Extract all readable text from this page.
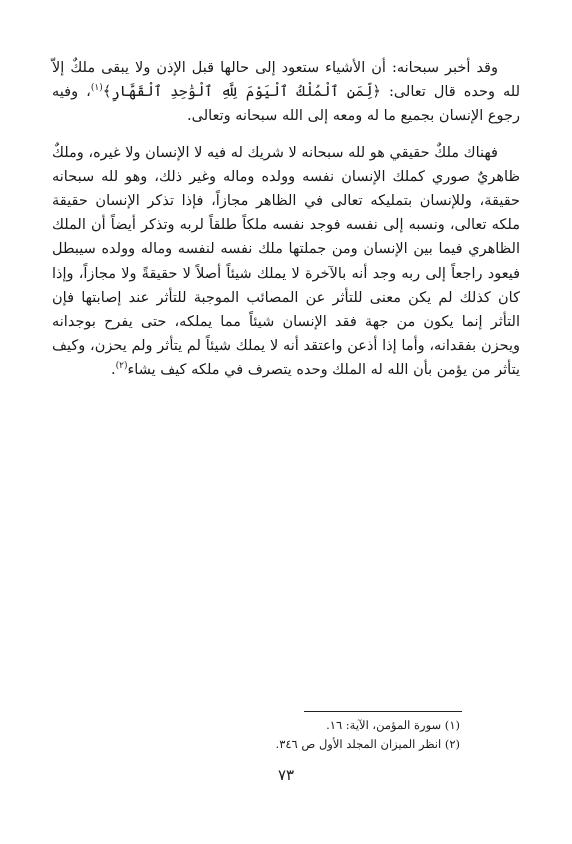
وقد أخبر سبحانه: أن الأشياء ستعود إلى حالها قبل الإذن ولا يبقى ملكٌ إلاّ لله وحده قال تعالى: ﴿لِّمَنِ ٱلْمُلْكُ ٱلْيَوْمَ لِلَّهِ ٱلْوَٰحِدِ ٱلْقَهَّارِ﴾$^{(١)}$، وفيه رجوع الإنسان بجميع ما له ومعه إلى الله سبحانه وتعالى.

فهناك ملكٌ حقيقي هو لله سبحانه لا شريك له فيه لا الإنسان ولا غيره، وملكٌ ظاهريٌ صوري كملك الإنسان نفسه وولده وماله وغير ذلك، وهو لله سبحانه حقيقة، وللإنسان بتمليكه تعالى في الظاهر مجازاً، فإذا تذكر الإنسان حقيقة ملكه تعالى، ونسبه إلى نفسه فوجد نفسه ملكاً طلقاً لربه وتذكر أيضاً أن الملك الظاهري فيما بين الإنسان ومن جملتها ملك نفسه لنفسه وماله وولده سيبطل فيعود راجعاً إلى ربه وجد أنه بالآخرة لا يملك شيئاً أصلاً لا حقيقةً ولا مجازاً، وإذا كان كذلك لم يكن معنى للتأثر عن المصائب الموجبة للتأثر عند إصابتها فإن التأثر إنما يكون من جهة فقد الإنسان شيئاً مما يملكه، حتى يفرح بوجدانه ويحزن بفقدانه، وأما إذا أذعن واعتقد أنه لا يملك شيئاً لم يتأثر ولم يحزن، وكيف يتأثر من يؤمن بأن الله له الملك وحده يتصرف في ملكه كيف يشاء$^{(٢)}$.

(١) سورة المؤمن، الآية: ١٦.

(٢) انظر الميزان المجلد الأول ص ٣٤٦.

٧٣
